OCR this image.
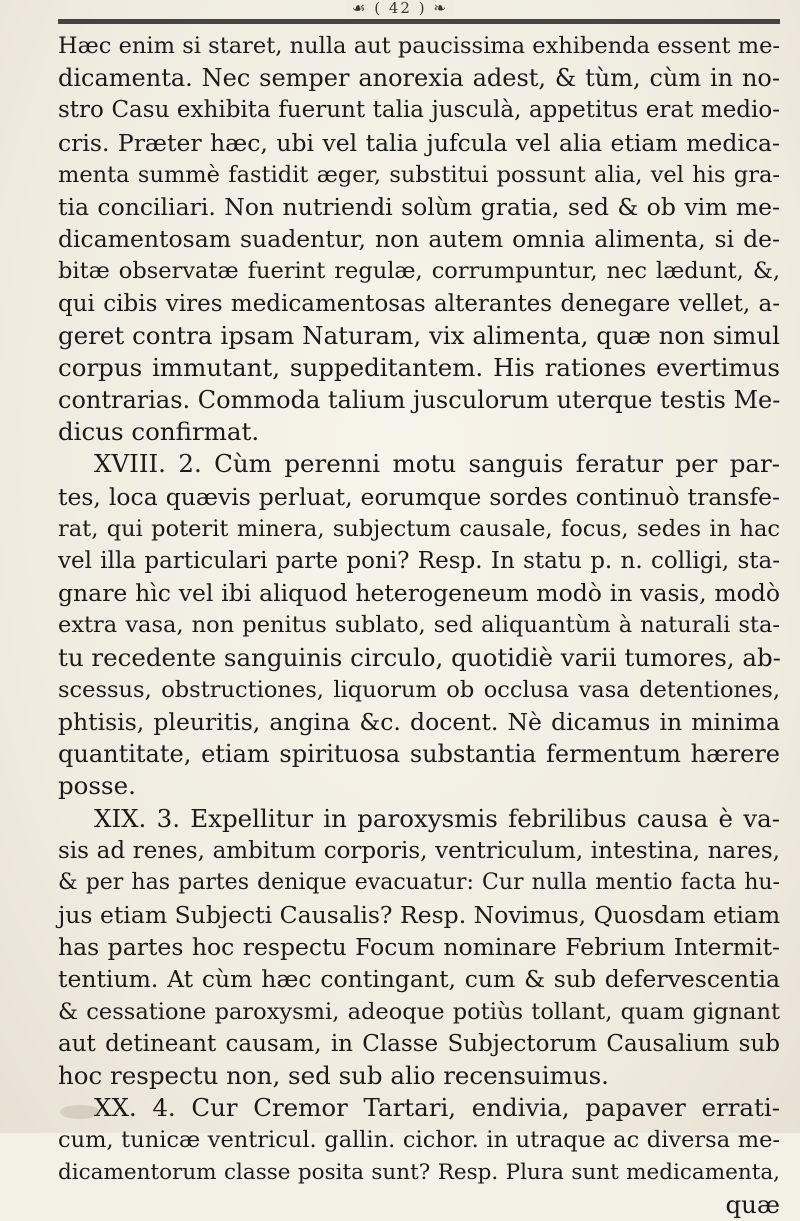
☙ ( 42 ) ❧
Hæc enim si staret, nulla aut paucissima exhibenda essent me-
dicamenta. Nec semper anorexia adest, & tùm, cùm in no-
stro Casu exhibita fuerunt talia jusculà, appetitus erat medio-
cris. Præter hæc, ubi vel talia jufcula vel alia etiam medica-
menta summè fastidit æger, substitui possunt alia, vel his gra-
tia conciliari. Non nutriendi solùm gratia, sed & ob vim me-
dicamentosam suadentur, non autem omnia alimenta, si de-
bitæ observatæ fuerint regulæ, corrumpuntur, nec lædunt, &,
qui cibis vires medicamentosas alterantes denegare vellet, a-
geret contra ipsam Naturam, vix alimenta, quæ non simul
corpus immutant, suppeditantem. His rationes evertimus
contrarias. Commoda talium jusculorum uterque testis Me-
dicus confirmat.
XVIII. 2. Cùm perenni motu sanguis feratur per par-
tes, loca quævis perluat, eorumque sordes continuò transfe-
rat, qui poterit minera, subjectum causale, focus, sedes in hac
vel illa particulari parte poni? Resp. In statu p. n. colligi, sta-
gnare hìc vel ibi aliquod heterogeneum modò in vasis, modò
extra vasa, non penitus sublato, sed aliquantùm à naturali sta-
tu recedente sanguinis circulo, quotidiè varii tumores, ab-
scessus, obstructiones, liquorum ob occlusa vasa detentiones,
phtisis, pleuritis, angina &c. docent. Nè dicamus in minima
quantitate, etiam spirituosa substantia fermentum hærere
posse.
XIX. 3. Expellitur in paroxysmis febrilibus causa è va-
sis ad renes, ambitum corporis, ventriculum, intestina, nares,
& per has partes denique evacuatur: Cur nulla mentio facta hu-
jus etiam Subjecti Causalis? Resp. Novimus, Quosdam etiam
has partes hoc respectu Focum nominare Febrium Intermit-
tentium. At cùm hæc contingant, cum & sub defervescentia
& cessatione paroxysmi, adeoque potiùs tollant, quam gignant
aut detineant causam, in Classe Subjectorum Causalium sub
hoc respectu non, sed sub alio recensuimus.
XX. 4. Cur Cremor Tartari, endivia, papaver errati-
cum, tunicæ ventricul. gallin. cichor. in utraque ac diversa me-
dicamentorum classe posita sunt? Resp. Plura sunt medicamenta,
quæ
